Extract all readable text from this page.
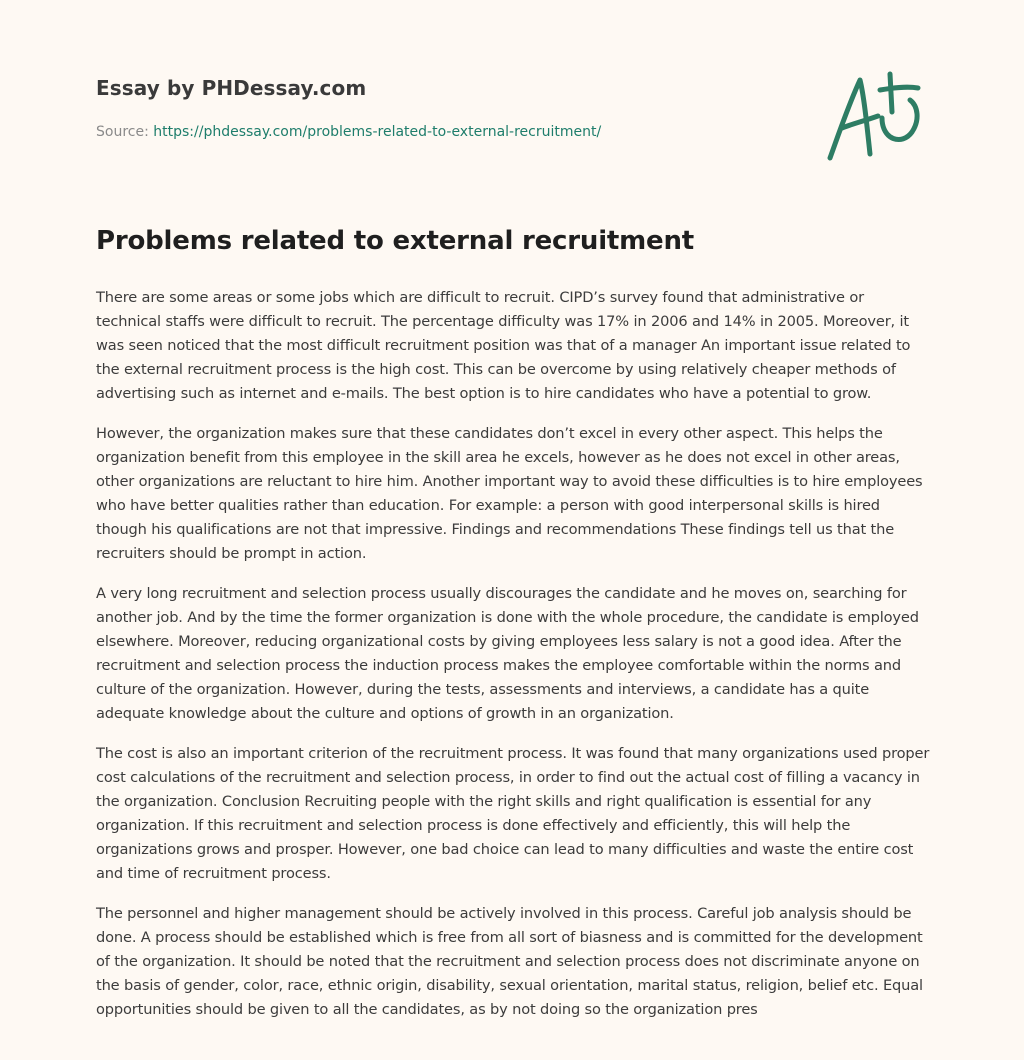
Essay by PHDessay.com
Source: https://phdessay.com/problems-related-to-external-recruitment/
Problems related to external recruitment

There are some areas or some jobs which are difficult to recruit. CIPD’s survey found that administrative or technical staffs were difficult to recruit. The percentage difficulty was 17% in 2006 and 14% in 2005. Moreover, it was seen noticed that the most difficult recruitment position was that of a manager An important issue related to the external recruitment process is the high cost. This can be overcome by using relatively cheaper methods of advertising such as internet and e-mails. The best option is to hire candidates who have a potential to grow.

However, the organization makes sure that these candidates don’t excel in every other aspect. This helps the organization benefit from this employee in the skill area he excels, however as he does not excel in other areas, other organizations are reluctant to hire him. Another important way to avoid these difficulties is to hire employees who have better qualities rather than education. For example: a person with good interpersonal skills is hired though his qualifications are not that impressive. Findings and recommendations These findings tell us that the recruiters should be prompt in action.

A very long recruitment and selection process usually discourages the candidate and he moves on, searching for another job. And by the time the former organization is done with the whole procedure, the candidate is employed elsewhere. Moreover, reducing organizational costs by giving employees less salary is not a good idea. After the recruitment and selection process the induction process makes the employee comfortable within the norms and culture of the organization. However, during the tests, assessments and interviews, a candidate has a quite adequate knowledge about the culture and options of growth in an organization.

The cost is also an important criterion of the recruitment process. It was found that many organizations used proper cost calculations of the recruitment and selection process, in order to find out the actual cost of filling a vacancy in the organization. Conclusion Recruiting people with the right skills and right qualification is essential for any organization. If this recruitment and selection process is done effectively and efficiently, this will help the organizations grows and prosper. However, one bad choice can lead to many difficulties and waste the entire cost and time of recruitment process.

The personnel and higher management should be actively involved in this process. Careful job analysis should be done. A process should be established which is free from all sort of biasness and is committed for the development of the organization. It should be noted that the recruitment and selection process does not discriminate anyone on the basis of gender, color, race, ethnic origin, disability, sexual orientation, marital status, religion, belief etc. Equal opportunities should be given to all the candidates, as by not doing so the organization pres
